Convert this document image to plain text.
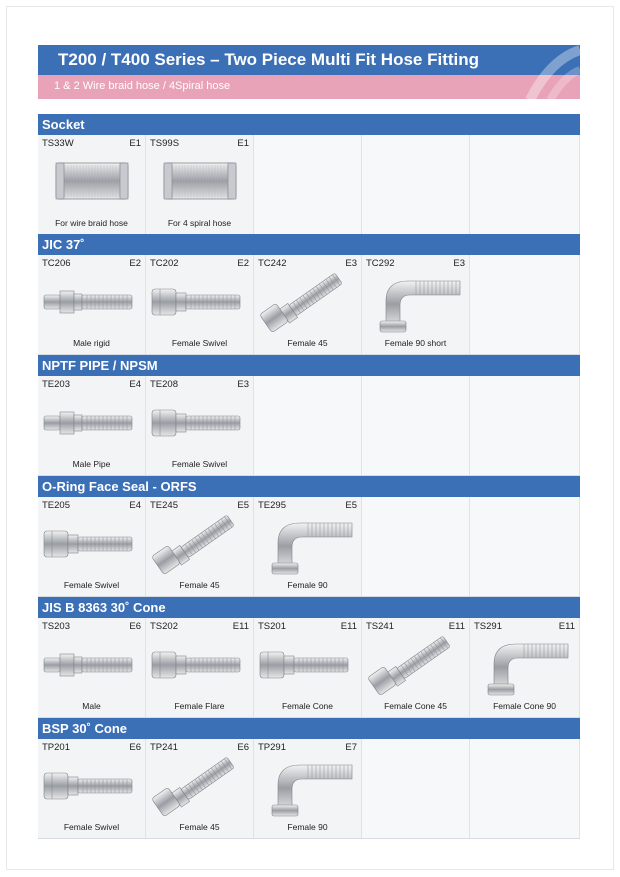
T200 / T400 Series – Two Piece Multi Fit Hose Fitting
1 & 2 Wire braid hose / 4Spiral hose
Socket
TS33W	E1
For wire braid hose
TS99S	E1
For 4 spiral hose
JIC 37˚
TC206	E2
Male rigid
TC202	E2
Female Swivel
TC242	E3
Female 45
TC292	E3
Female 90 short
NPTF PIPE / NPSM
TE203	E4
Male Pipe
TE208	E3
Female Swivel
O-Ring Face Seal - ORFS
TE205	E4
Female Swivel
TE245	E5
Female 45
TE295	E5
Female 90
JIS B 8363 30˚ Cone
TS203	E6
Male
TS202	E11
Female Flare
TS201	E11
Female Cone
TS241	E11
Female Cone 45
TS291	E11
Female Cone 90
BSP 30˚ Cone
TP201	E6
Female Swivel
TP241	E6
Female 45
TP291	E7
Female 90
